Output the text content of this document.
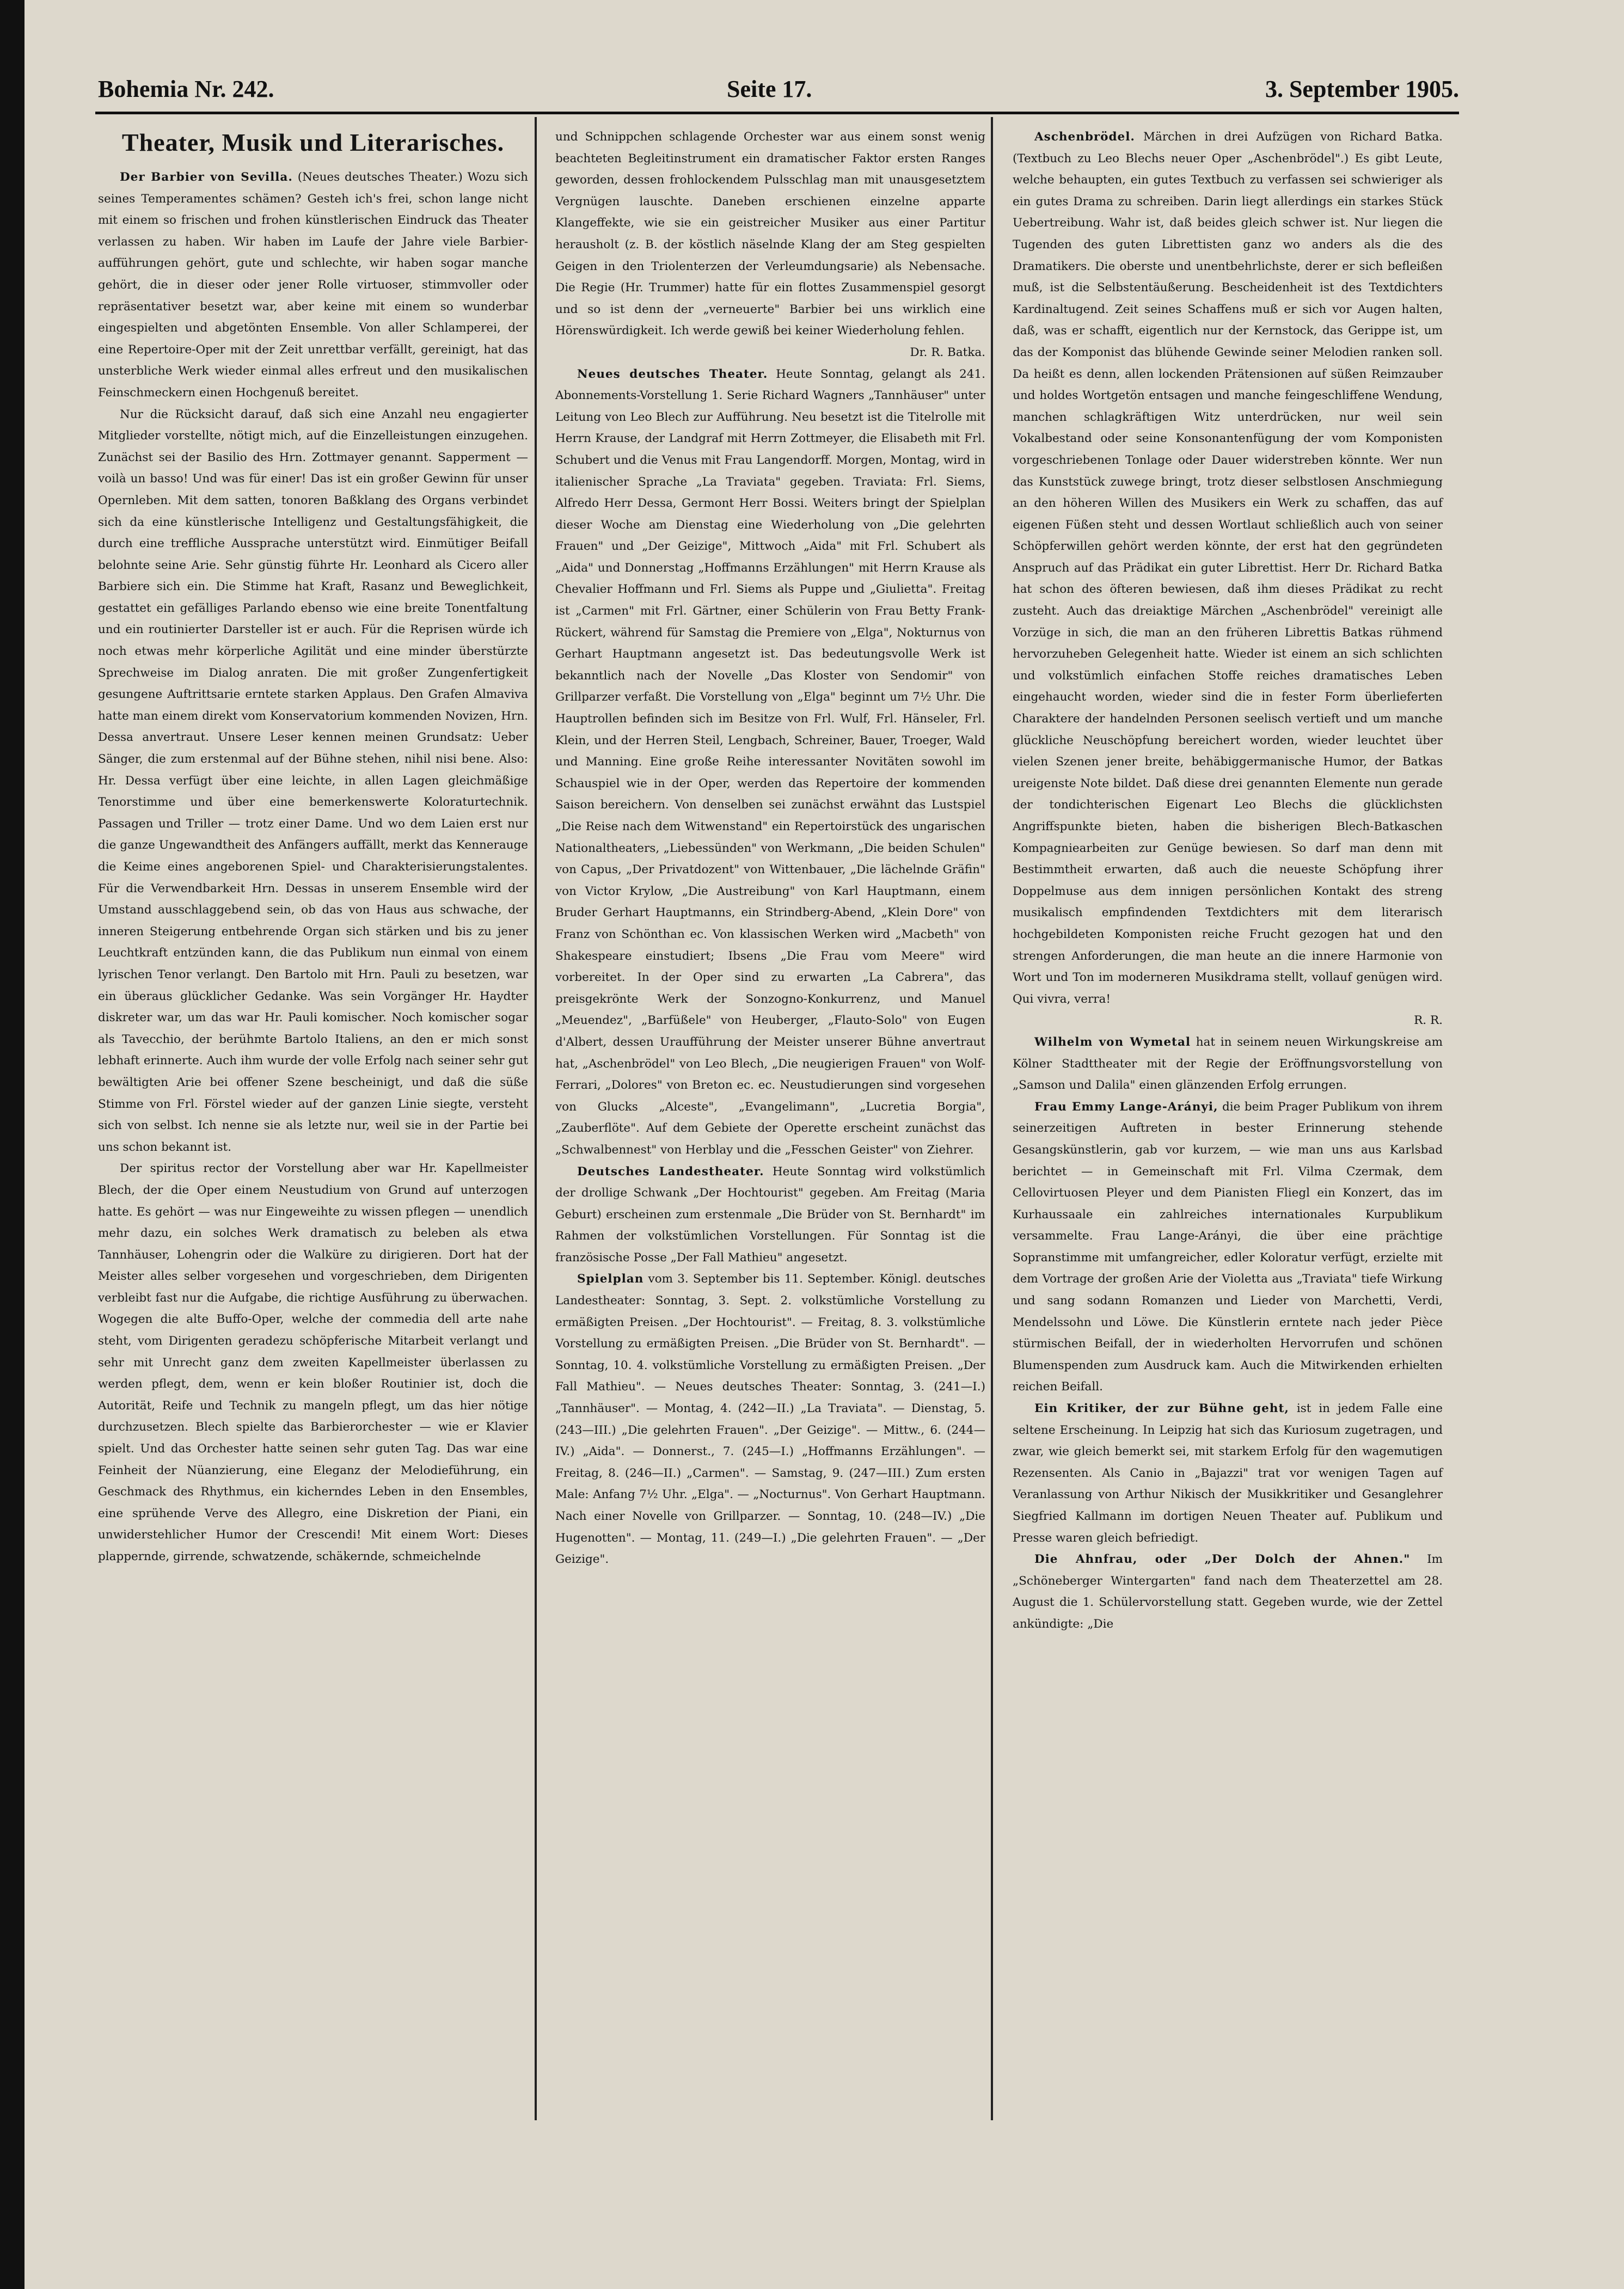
Bohemia Nr. 242.	Seite 17.	3. September 1905.
Theater, Musik und Literarisches.

Der Barbier von Sevilla. (Neues deutsches Theater.) Wozu sich seines Temperamentes schämen? Gesteh ich's frei, schon lange nicht mit einem so frischen und frohen künstlerischen Eindruck das Theater verlassen zu haben. Wir haben im Laufe der Jahre viele Barbier-aufführungen gehört, gute und schlechte, wir haben sogar manche gehört, die in dieser oder jener Rolle virtuoser, stimmvoller oder repräsentativer besetzt war, aber keine mit einem so wunderbar eingespielten und abgetönten Ensemble. Von aller Schlamperei, der eine Repertoire-Oper mit der Zeit unrettbar verfällt, gereinigt, hat das unsterbliche Werk wieder einmal alles erfreut und den musikalischen Feinschmeckern einen Hochgenuß bereitet.

Nur die Rücksicht darauf, daß sich eine Anzahl neu engagierter Mitglieder vorstellte, nötigt mich, auf die Einzelleistungen einzugehen. Zunächst sei der Basilio des Hrn. Zottmayer genannt. Sapperment — voilà un basso! Und was für einer! Das ist ein großer Gewinn für unser Opernleben. Mit dem satten, tonoren Baßklang des Organs verbindet sich da eine künstlerische Intelligenz und Gestaltungsfähigkeit, die durch eine treffliche Aussprache unterstützt wird. Einmütiger Beifall belohnte seine Arie. Sehr günstig führte Hr. Leonhard als Cicero aller Barbiere sich ein. Die Stimme hat Kraft, Rasanz und Beweglichkeit, gestattet ein gefälliges Parlando ebenso wie eine breite Tonentfaltung und ein routinierter Darsteller ist er auch. Für die Reprisen würde ich noch etwas mehr körperliche Agilität und eine minder überstürzte Sprechweise im Dialog anraten. Die mit großer Zungenfertigkeit gesungene Auftrittsarie erntete starken Applaus. Den Grafen Almaviva hatte man einem direkt vom Konservatorium kommenden Novizen, Hrn. Dessa anvertraut. Unsere Leser kennen meinen Grundsatz: Ueber Sänger, die zum erstenmal auf der Bühne stehen, nihil nisi bene. Also: Hr. Dessa verfügt über eine leichte, in allen Lagen gleichmäßige Tenorstimme und über eine bemerkenswerte Koloraturtechnik. Passagen und Triller — trotz einer Dame. Und wo dem Laien erst nur die ganze Ungewandtheit des Anfängers auffällt, merkt das Kennerauge die Keime eines angeborenen Spiel- und Charakterisierungstalentes. Für die Verwendbarkeit Hrn. Dessas in unserem Ensemble wird der Umstand ausschlaggebend sein, ob das von Haus aus schwache, der inneren Steigerung entbehrende Organ sich stärken und bis zu jener Leuchtkraft entzünden kann, die das Publikum nun einmal von einem lyrischen Tenor verlangt. Den Bartolo mit Hrn. Pauli zu besetzen, war ein überaus glücklicher Gedanke. Was sein Vorgänger Hr. Haydter diskreter war, um das war Hr. Pauli komischer. Noch komischer sogar als Tavecchio, der berühmte Bartolo Italiens, an den er mich sonst lebhaft erinnerte. Auch ihm wurde der volle Erfolg nach seiner sehr gut bewältigten Arie bei offener Szene bescheinigt, und daß die süße Stimme von Frl. Förstel wieder auf der ganzen Linie siegte, versteht sich von selbst. Ich nenne sie als letzte nur, weil sie in der Partie bei uns schon bekannt ist.

Der spiritus rector der Vorstellung aber war Hr. Kapellmeister Blech, der die Oper einem Neustudium von Grund auf unterzogen hatte. Es gehört — was nur Eingeweihte zu wissen pflegen — unendlich mehr dazu, ein solches Werk dramatisch zu beleben als etwa Tannhäuser, Lohengrin oder die Walküre zu dirigieren. Dort hat der Meister alles selber vorgesehen und vorgeschrieben, dem Dirigenten verbleibt fast nur die Aufgabe, die richtige Ausführung zu überwachen. Wogegen die alte Buffo-Oper, welche der commedia dell arte nahe steht, vom Dirigenten geradezu schöpferische Mitarbeit verlangt und sehr mit Unrecht ganz dem zweiten Kapellmeister überlassen zu werden pflegt, dem, wenn er kein bloßer Routinier ist, doch die Autorität, Reife und Technik zu mangeln pflegt, um das hier nötige durchzusetzen. Blech spielte das Barbierorchester — wie er Klavier spielt. Und das Orchester hatte seinen sehr guten Tag. Das war eine Feinheit der Nüanzierung, eine Eleganz der Melodieführung, ein Geschmack des Rhythmus, ein kicherndes Leben in den Ensembles, eine sprühende Verve des Allegro, eine Diskretion der Piani, ein unwiderstehlicher Humor der Crescendi! Mit einem Wort: Dieses plappernde, girrende, schwatzende, schäkernde, schmeichelnde

und Schnippchen schlagende Orchester war aus einem sonst wenig beachteten Begleitinstrument ein dramatischer Faktor ersten Ranges geworden, dessen frohlockendem Pulsschlag man mit unausgesetztem Vergnügen lauschte. Daneben erschienen einzelne apparte Klangeffekte, wie sie ein geistreicher Musiker aus einer Partitur herausholt (z. B. der köstlich näselnde Klang der am Steg gespielten Geigen in den Triolenterzen der Verleumdungsarie) als Nebensache. Die Regie (Hr. Trummer) hatte für ein flottes Zusammenspiel gesorgt und so ist denn der „verneuerte" Barbier bei uns wirklich eine Hörenswürdigkeit. Ich werde gewiß bei keiner Wiederholung fehlen.

Dr. R. Batka.

Neues deutsches Theater. Heute Sonntag, gelangt als 241. Abonnements-Vorstellung 1. Serie Richard Wagners „Tannhäuser" unter Leitung von Leo Blech zur Aufführung. Neu besetzt ist die Titelrolle mit Herrn Krause, der Landgraf mit Herrn Zottmeyer, die Elisabeth mit Frl. Schubert und die Venus mit Frau Langendorff. Morgen, Montag, wird in italienischer Sprache „La Traviata" gegeben. Traviata: Frl. Siems, Alfredo Herr Dessa, Germont Herr Bossi. Weiters bringt der Spielplan dieser Woche am Dienstag eine Wiederholung von „Die gelehrten Frauen" und „Der Geizige", Mittwoch „Aida" mit Frl. Schubert als „Aida" und Donnerstag „Hoffmanns Erzählungen" mit Herrn Krause als Chevalier Hoffmann und Frl. Siems als Puppe und „Giulietta". Freitag ist „Carmen" mit Frl. Gärtner, einer Schülerin von Frau Betty Frank-Rückert, während für Samstag die Premiere von „Elga", Nokturnus von Gerhart Hauptmann angesetzt ist. Das bedeutungsvolle Werk ist bekanntlich nach der Novelle „Das Kloster von Sendomir" von Grillparzer verfaßt. Die Vorstellung von „Elga" beginnt um 7½ Uhr. Die Hauptrollen befinden sich im Besitze von Frl. Wulf, Frl. Hänseler, Frl. Klein, und der Herren Steil, Lengbach, Schreiner, Bauer, Troeger, Wald und Manning. Eine große Reihe interessanter Novitäten sowohl im Schauspiel wie in der Oper, werden das Repertoire der kommenden Saison bereichern. Von denselben sei zunächst erwähnt das Lustspiel „Die Reise nach dem Witwenstand" ein Repertoirstück des ungarischen Nationaltheaters, „Liebessünden" von Werkmann, „Die beiden Schulen" von Capus, „Der Privatdozent" von Wittenbauer, „Die lächelnde Gräfin" von Victor Krylow, „Die Austreibung" von Karl Hauptmann, einem Bruder Gerhart Hauptmanns, ein Strindberg-Abend, „Klein Dore" von Franz von Schönthan ec. Von klassischen Werken wird „Macbeth" von Shakespeare einstudiert; Ibsens „Die Frau vom Meere" wird vorbereitet. In der Oper sind zu erwarten „La Cabrera", das preisgekrönte Werk der Sonzogno-Konkurrenz, und Manuel „Meuendez", „Barfüßele" von Heuberger, „Flauto-Solo" von Eugen d'Albert, dessen Uraufführung der Meister unserer Bühne anvertraut hat, „Aschenbrödel" von Leo Blech, „Die neugierigen Frauen" von Wolf-Ferrari, „Dolores" von Breton ec. ec. Neustudierungen sind vorgesehen von Glucks „Alceste", „Evangelimann", „Lucretia Borgia", „Zauberflöte". Auf dem Gebiete der Operette erscheint zunächst das „Schwalbennest" von Herblay und die „Fesschen Geister" von Ziehrer.

Deutsches Landestheater. Heute Sonntag wird volkstümlich der drollige Schwank „Der Hochtourist" gegeben. Am Freitag (Maria Geburt) erscheinen zum erstenmale „Die Brüder von St. Bernhardt" im Rahmen der volkstümlichen Vorstellungen. Für Sonntag ist die französische Posse „Der Fall Mathieu" angesetzt.

Spielplan vom 3. September bis 11. September. Königl. deutsches Landestheater: Sonntag, 3. Sept. 2. volkstümliche Vorstellung zu ermäßigten Preisen. „Der Hochtourist". — Freitag, 8. 3. volkstümliche Vorstellung zu ermäßigten Preisen. „Die Brüder von St. Bernhardt". — Sonntag, 10. 4. volkstümliche Vorstellung zu ermäßigten Preisen. „Der Fall Mathieu". — Neues deutsches Theater: Sonntag, 3. (241—I.) „Tannhäuser". — Montag, 4. (242—II.) „La Traviata". — Dienstag, 5. (243—III.) „Die gelehrten Frauen". „Der Geizige". — Mittw., 6. (244—IV.) „Aida". — Donnerst., 7. (245—I.) „Hoffmanns Erzählungen". — Freitag, 8. (246—II.) „Carmen". — Samstag, 9. (247—III.) Zum ersten Male: Anfang 7½ Uhr. „Elga". — „Nocturnus". Von Gerhart Hauptmann. Nach einer Novelle von Grillparzer. — Sonntag, 10. (248—IV.) „Die Hugenotten". — Montag, 11. (249—I.) „Die gelehrten Frauen". — „Der Geizige".

Aschenbrödel. Märchen in drei Aufzügen von Richard Batka. (Textbuch zu Leo Blechs neuer Oper „Aschenbrödel".) Es gibt Leute, welche behaupten, ein gutes Textbuch zu verfassen sei schwieriger als ein gutes Drama zu schreiben. Darin liegt allerdings ein starkes Stück Uebertreibung. Wahr ist, daß beides gleich schwer ist. Nur liegen die Tugenden des guten Librettisten ganz wo anders als die des Dramatikers. Die oberste und unentbehrlichste, derer er sich befleißen muß, ist die Selbstentäußerung. Bescheidenheit ist des Textdichters Kardinaltugend. Zeit seines Schaffens muß er sich vor Augen halten, daß, was er schafft, eigentlich nur der Kernstock, das Gerippe ist, um das der Komponist das blühende Gewinde seiner Melodien ranken soll. Da heißt es denn, allen lockenden Prätensionen auf süßen Reimzauber und holdes Wortgetön entsagen und manche feingeschliffene Wendung, manchen schlagkräftigen Witz unterdrücken, nur weil sein Vokalbestand oder seine Konsonantenfügung der vom Komponisten vorgeschriebenen Tonlage oder Dauer widerstreben könnte. Wer nun das Kunststück zuwege bringt, trotz dieser selbstlosen Anschmiegung an den höheren Willen des Musikers ein Werk zu schaffen, das auf eigenen Füßen steht und dessen Wortlaut schließlich auch von seiner Schöpferwillen gehört werden könnte, der erst hat den gegründeten Anspruch auf das Prädikat ein guter Librettist. Herr Dr. Richard Batka hat schon des öfteren bewiesen, daß ihm dieses Prädikat zu recht zusteht. Auch das dreiaktige Märchen „Aschenbrödel" vereinigt alle Vorzüge in sich, die man an den früheren Librettis Batkas rühmend hervorzuheben Gelegenheit hatte. Wieder ist einem an sich schlichten und volkstümlich einfachen Stoffe reiches dramatisches Leben eingehaucht worden, wieder sind die in fester Form überlieferten Charaktere der handelnden Personen seelisch vertieft und um manche glückliche Neuschöpfung bereichert worden, wieder leuchtet über vielen Szenen jener breite, behäbiggermanische Humor, der Batkas ureigenste Note bildet. Daß diese drei genannten Elemente nun gerade der tondichterischen Eigenart Leo Blechs die glücklichsten Angriffspunkte bieten, haben die bisherigen Blech-Batkaschen Kompagniearbeiten zur Genüge bewiesen. So darf man denn mit Bestimmtheit erwarten, daß auch die neueste Schöpfung ihrer Doppelmuse aus dem innigen persönlichen Kontakt des streng musikalisch empfindenden Textdichters mit dem literarisch hochgebildeten Komponisten reiche Frucht gezogen hat und den strengen Anforderungen, die man heute an die innere Harmonie von Wort und Ton im moderneren Musikdrama stellt, vollauf genügen wird. Qui vivra, verra!

R. R.

Wilhelm von Wymetal hat in seinem neuen Wirkungskreise am Kölner Stadttheater mit der Regie der Eröffnungsvorstellung von „Samson und Dalila" einen glänzenden Erfolg errungen.

Frau Emmy Lange-Arányi, die beim Prager Publikum von ihrem seinerzeitigen Auftreten in bester Erinnerung stehende Gesangskünstlerin, gab vor kurzem, — wie man uns aus Karlsbad berichtet — in Gemeinschaft mit Frl. Vilma Czermak, dem Cellovirtuosen Pleyer und dem Pianisten Fliegl ein Konzert, das im Kurhaussaale ein zahlreiches internationales Kurpublikum versammelte. Frau Lange-Arányi, die über eine prächtige Sopranstimme mit umfangreicher, edler Koloratur verfügt, erzielte mit dem Vortrage der großen Arie der Violetta aus „Traviata" tiefe Wirkung und sang sodann Romanzen und Lieder von Marchetti, Verdi, Mendelssohn und Löwe. Die Künstlerin erntete nach jeder Pièce stürmischen Beifall, der in wiederholten Hervorrufen und schönen Blumenspenden zum Ausdruck kam. Auch die Mitwirkenden erhielten reichen Beifall.

Ein Kritiker, der zur Bühne geht, ist in jedem Falle eine seltene Erscheinung. In Leipzig hat sich das Kuriosum zugetragen, und zwar, wie gleich bemerkt sei, mit starkem Erfolg für den wagemutigen Rezensenten. Als Canio in „Bajazzi" trat vor wenigen Tagen auf Veranlassung von Arthur Nikisch der Musikkritiker und Gesanglehrer Siegfried Kallmann im dortigen Neuen Theater auf. Publikum und Presse waren gleich befriedigt.

Die Ahnfrau, oder „Der Dolch der Ahnen." Im „Schöneberger Wintergarten" fand nach dem Theaterzettel am 28. August die 1. Schülervorstellung statt. Gegeben wurde, wie der Zettel ankündigte: „Die
